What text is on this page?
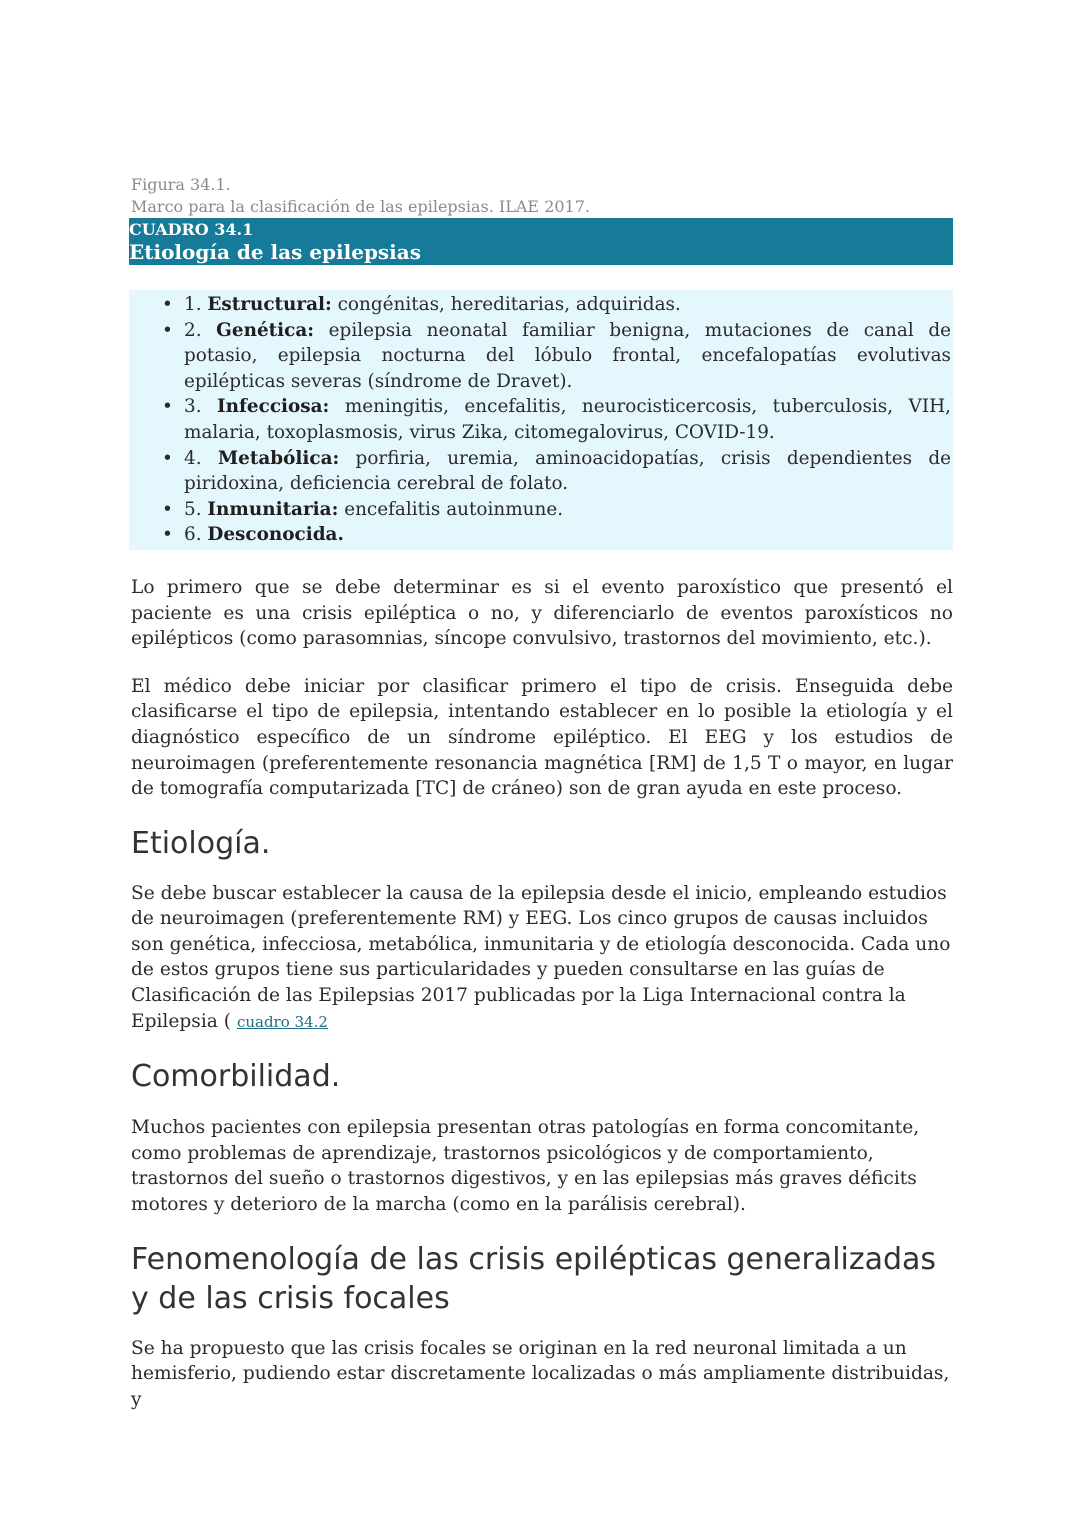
Figura 34.1.
Marco para la clasificación de las epilepsias. ILAE 2017.
CUADRO 34.1
Etiología de las epilepsias
• 1. Estructural: congénitas, hereditarias, adquiridas.
• 2. Genética: epilepsia neonatal familiar benigna, mutaciones de canal de potasio, epilepsia nocturna del lóbulo frontal, encefalopatías evolutivas epilépticas severas (síndrome de Dravet).
• 3. Infecciosa: meningitis, encefalitis, neurocisticercosis, tuberculosis, VIH, malaria, toxoplasmosis, virus Zika, citomegalovirus, COVID-19.
• 4. Metabólica: porfiria, uremia, aminoacidopatías, crisis dependientes de piridoxina, deficiencia cerebral de folato.
• 5. Inmunitaria: encefalitis autoinmune.
• 6. Desconocida.

Lo primero que se debe determinar es si el evento paroxístico que presentó el paciente es una crisis epiléptica o no, y diferenciarlo de eventos paroxísticos no epilépticos (como parasomnias, síncope convulsivo, trastornos del movimiento, etc.).

El médico debe iniciar por clasificar primero el tipo de crisis. Enseguida debe clasificarse el tipo de epilepsia, intentando establecer en lo posible la etiología y el diagnóstico específico de un síndrome epiléptico. El EEG y los estudios de neuroimagen (preferentemente resonancia magnética [RM] de 1,5 T o mayor, en lugar de tomografía computarizada [TC] de cráneo) son de gran ayuda en este proceso.

Etiología.

Se debe buscar establecer la causa de la epilepsia desde el inicio, empleando estudios de neuroimagen (preferentemente RM) y EEG. Los cinco grupos de causas incluidos son genética, infecciosa, metabólica, inmunitaria y de etiología desconocida. Cada uno de estos grupos tiene sus particularidades y pueden consultarse en las guías de Clasificación de las Epilepsias 2017 publicadas por la Liga Internacional contra la Epilepsia ( cuadro 34.2

Comorbilidad.

Muchos pacientes con epilepsia presentan otras patologías en forma concomitante, como problemas de aprendizaje, trastornos psicológicos y de comportamiento, trastornos del sueño o trastornos digestivos, y en las epilepsias más graves déficits motores y deterioro de la marcha (como en la parálisis cerebral).

Fenomenología de las crisis epilépticas generalizadas
y de las crisis focales

Se ha propuesto que las crisis focales se originan en la red neuronal limitada a un hemisferio, pudiendo estar discretamente localizadas o más ampliamente distribuidas, y
